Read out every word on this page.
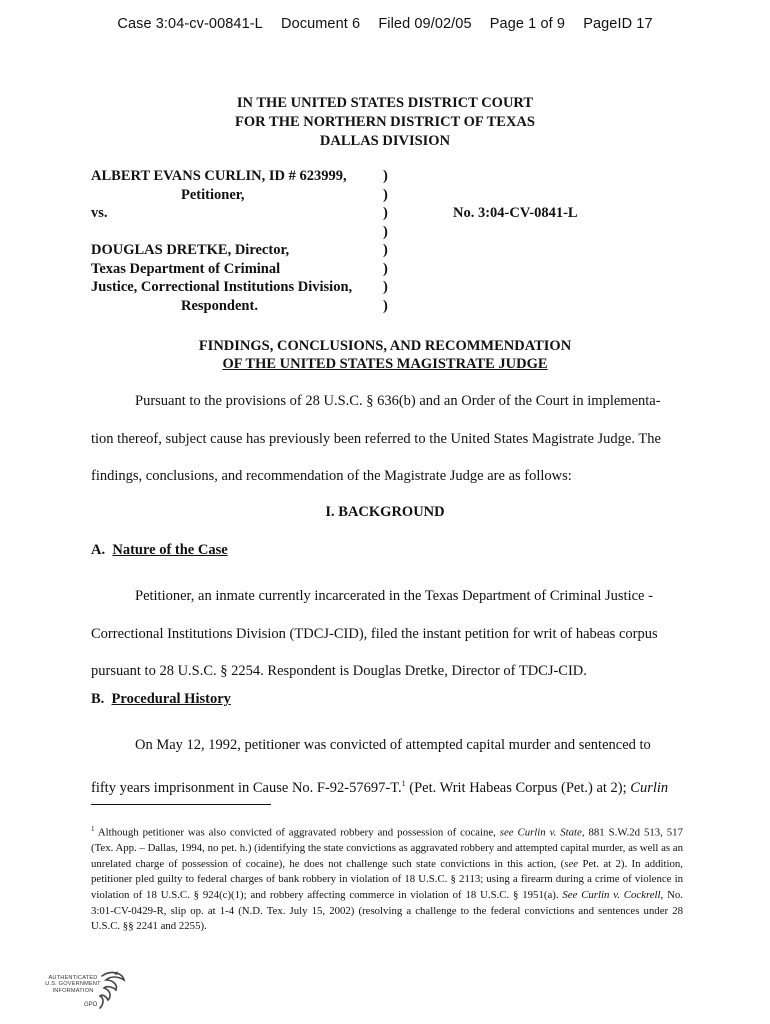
Case 3:04-cv-00841-L Document 6 Filed 09/02/05 Page 1 of 9 PageID 17
IN THE UNITED STATES DISTRICT COURT
FOR THE NORTHERN DISTRICT OF TEXAS
DALLAS DIVISION
ALBERT EVANS CURLIN, ID # 623999,	)
Petitioner,	)
vs.	)
)
DOUGLAS DRETKE, Director,	)
Texas Department of Criminal	)
Justice, Correctional Institutions Division, )
Respondent.	)
No. 3:04-CV-0841-L
FINDINGS, CONCLUSIONS, AND RECOMMENDATION
OF THE UNITED STATES MAGISTRATE JUDGE
Pursuant to the provisions of 28 U.S.C. § 636(b) and an Order of the Court in implementa-
tion thereof, subject cause has previously been referred to the United States Magistrate Judge. The
findings, conclusions, and recommendation of the Magistrate Judge are as follows:
I. BACKGROUND
A. Nature of the Case
Petitioner, an inmate currently incarcerated in the Texas Department of Criminal Justice -
Correctional Institutions Division (TDCJ-CID), filed the instant petition for writ of habeas corpus
pursuant to 28 U.S.C. § 2254. Respondent is Douglas Dretke, Director of TDCJ-CID.
B. Procedural History
On May 12, 1992, petitioner was convicted of attempted capital murder and sentenced to
fifty years imprisonment in Cause No. F-92-57697-T.$^1$ (Pet. Writ Habeas Corpus (Pet.) at 2); Curlin
$^1$ Although petitioner was also convicted of aggravated robbery and possession of cocaine, see Curlin v. State, 881 S.W.2d 513, 517 (Tex. App. – Dallas, 1994, no pet. h.) (identifying the state convictions as aggravated robbery and attempted capital murder, as well as an unrelated charge of possession of cocaine), he does not challenge such state convictions in this action, (see Pet. at 2). In addition, petitioner pled guilty to federal charges of bank robbery in violation of 18 U.S.C. § 2113; using a firearm during a crime of violence in violation of 18 U.S.C. § 924(c)(1); and robbery affecting commerce in violation of 18 U.S.C. § 1951(a). See Curlin v. Cockrell, No. 3:01-CV-0429-R, slip op. at 1-4 (N.D. Tex. July 15, 2002) (resolving a challenge to the federal convictions and sentences under 28 U.S.C. §§ 2241 and 2255).
AUTHENTICATED
U.S. GOVERNMENT
INFORMATION
GPO
